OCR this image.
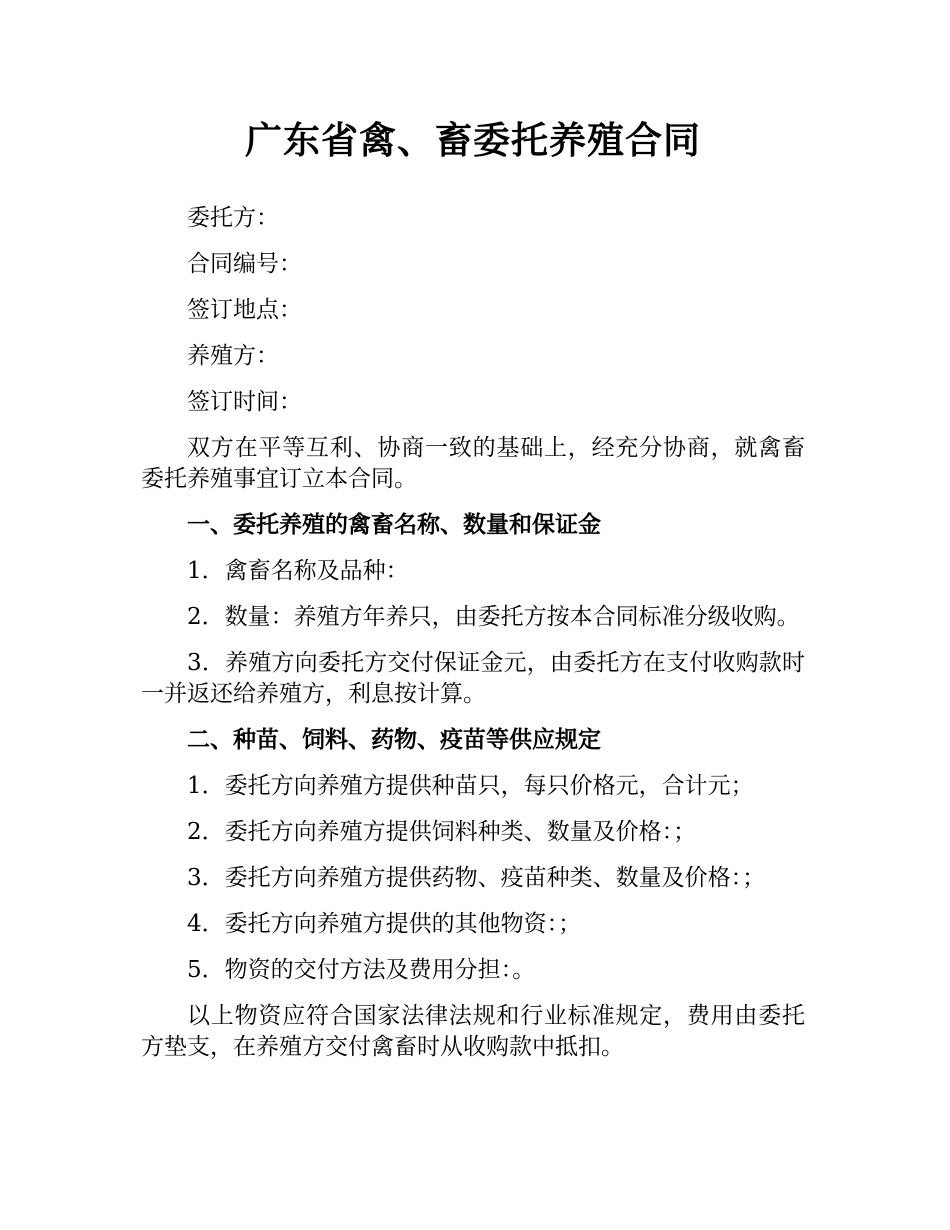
广东省禽、畜委托养殖合同

委托方：

合同编号：

签订地点：

养殖方：

签订时间：

双方在平等互利、协商一致的基础上，经充分协商，就禽畜委托养殖事宜订立本合同。

一、委托养殖的禽畜名称、数量和保证金

1．禽畜名称及品种：

2．数量：养殖方年养只，由委托方按本合同标准分级收购。

3．养殖方向委托方交付保证金元，由委托方在支付收购款时一并返还给养殖方，利息按计算。

二、种苗、饲料、药物、疫苗等供应规定

1．委托方向养殖方提供种苗只，每只价格元，合计元；

2．委托方向养殖方提供饲料种类、数量及价格：；

3．委托方向养殖方提供药物、疫苗种类、数量及价格：；

4．委托方向养殖方提供的其他物资：；

5．物资的交付方法及费用分担：。

以上物资应符合国家法律法规和行业标准规定，费用由委托方垫支，在养殖方交付禽畜时从收购款中抵扣。
